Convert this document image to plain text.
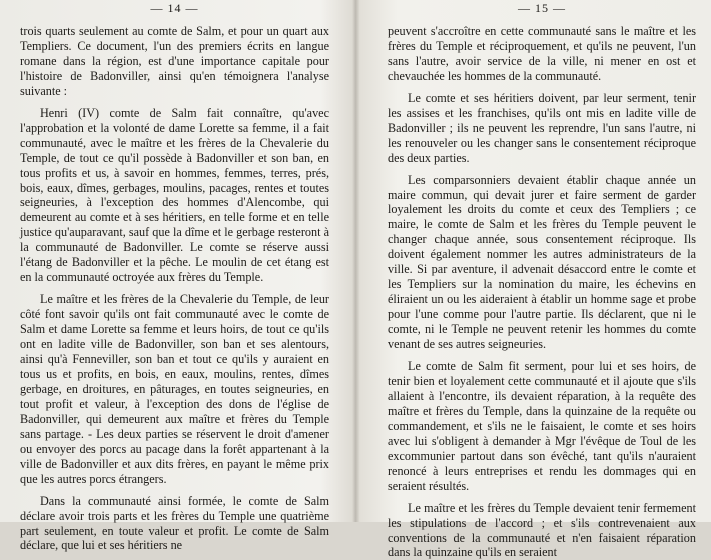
— 14 —

trois quarts seulement au comte de Salm, et pour un quart aux Templiers. Ce document, l'un des premiers écrits en langue romane dans la région, est d'une importance capitale pour l'histoire de Badonviller, ainsi qu'en témoignera l'analyse suivante :

Henri (IV) comte de Salm fait connaître, qu'avec l'approbation et la volonté de dame Lorette sa femme, il a fait communauté, avec le maître et les frères de la Chevalerie du Temple, de tout ce qu'il possède à Badonviller et son ban, en tous profits et us, à savoir en hommes, femmes, terres, prés, bois, eaux, dîmes, gerbages, moulins, pacages, rentes et toutes seigneuries, à l'exception des hommes d'Alencombe, qui demeurent au comte et à ses héritiers, en telle forme et en telle justice qu'auparavant, sauf que la dîme et le gerbage resteront à la communauté de Badonviller. Le comte se réserve aussi l'étang de Badonviller et la pêche. Le moulin de cet étang est en la communauté octroyée aux frères du Temple.

Le maître et les frères de la Chevalerie du Temple, de leur côté font savoir qu'ils ont fait communauté avec le comte de Salm et dame Lorette sa femme et leurs hoirs, de tout ce qu'ils ont en ladite ville de Badonviller, son ban et ses alentours, ainsi qu'à Fenneviller, son ban et tout ce qu'ils y auraient en tous us et profits, en bois, en eaux, moulins, rentes, dîmes gerbage, en droitures, en pâturages, en toutes seigneuries, en tout profit et valeur, à l'exception des dons de l'église de Badonviller, qui demeurent aux maître et frères du Temple sans partage. - Les deux parties se réservent le droit d'amener ou envoyer des porcs au pacage dans la forêt appartenant à la ville de Badonviller et aux dits frères, en payant le même prix que les autres porcs étrangers.

Dans la communauté ainsi formée, le comte de Salm déclare avoir trois parts et les frères du Temple une quatrième part seulement, en toute valeur et profit. Le comte de Salm déclare, que lui et ses héritiers ne

— 15 —

peuvent s'accroître en cette communauté sans le maître et les frères du Temple et réciproquement, et qu'ils ne peuvent, l'un sans l'autre, avoir service de la ville, ni mener en ost et chevauchée les hommes de la communauté.

Le comte et ses héritiers doivent, par leur serment, tenir les assises et les franchises, qu'ils ont mis en ladite ville de Badonviller ; ils ne peuvent les reprendre, l'un sans l'autre, ni les renouveler ou les changer sans le consentement réciproque des deux parties.

Les comparsonniers devaient établir chaque année un maire commun, qui devait jurer et faire serment de garder loyalement les droits du comte et ceux des Templiers ; ce maire, le comte de Salm et les frères du Temple peuvent le changer chaque année, sous consentement réciproque. Ils doivent également nommer les autres administrateurs de la ville. Si par aventure, il advenait désaccord entre le comte et les Templiers sur la nomination du maire, les échevins en éliraient un ou les aideraient à établir un homme sage et probe pour l'une comme pour l'autre partie. Ils déclarent, que ni le comte, ni le Temple ne peuvent retenir les hommes du comte venant de ses autres seigneuries.

Le comte de Salm fit serment, pour lui et ses hoirs, de tenir bien et loyalement cette communauté et il ajoute que s'ils allaient à l'encontre, ils devaient réparation, à la requête des maître et frères du Temple, dans la quinzaine de la requête ou commandement, et s'ils ne le faisaient, le comte et ses hoirs avec lui s'obligent à demander à Mgr l'évêque de Toul de les excommunier partout dans son évêché, tant qu'ils n'auraient renoncé à leurs entreprises et rendu les dommages qui en seraient résultés.

Le maître et les frères du Temple devaient tenir fermement les stipulations de l'accord ; et s'ils contrevenaient aux conventions de la communauté et n'en faisaient réparation dans la quinzaine qu'ils en seraient
